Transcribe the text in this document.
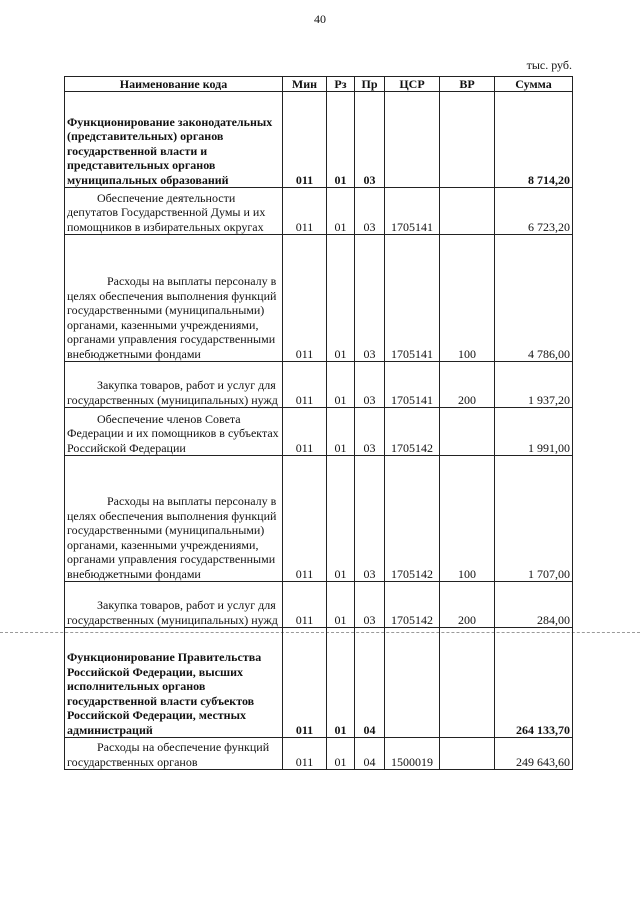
40
тыс. руб.
Наименование кода	Мин	Рз	Пр	ЦСР	ВР	Сумма
Функционирование законодательных (представительных) органов государственной власти и представительных органов муниципальных образований	011	01	03			8 714,20
Обеспечение деятельности депутатов Государственной Думы и их помощников в избирательных округах	011	01	03	1705141		6 723,20
Расходы на выплаты персоналу в целях обеспечения выполнения функций государственными (муниципальными) органами, казенными учреждениями, органами управления государственными внебюджетными фондами	011	01	03	1705141	100	4 786,00
Закупка товаров, работ и услуг для государственных (муниципальных) нужд	011	01	03	1705141	200	1 937,20
Обеспечение членов Совета Федерации и их помощников в субъектах Российской Федерации	011	01	03	1705142		1 991,00
Расходы на выплаты персоналу в целях обеспечения выполнения функций государственными (муниципальными) органами, казенными учреждениями, органами управления государственными внебюджетными фондами	011	01	03	1705142	100	1 707,00
Закупка товаров, работ и услуг для государственных (муниципальных) нужд	011	01	03	1705142	200	284,00
Функционирование Правительства Российской Федерации, высших исполнительных органов государственной власти субъектов Российской Федерации, местных администраций	011	01	04			264 133,70
Расходы на обеспечение функций государственных органов	011	01	04	1500019		249 643,60
